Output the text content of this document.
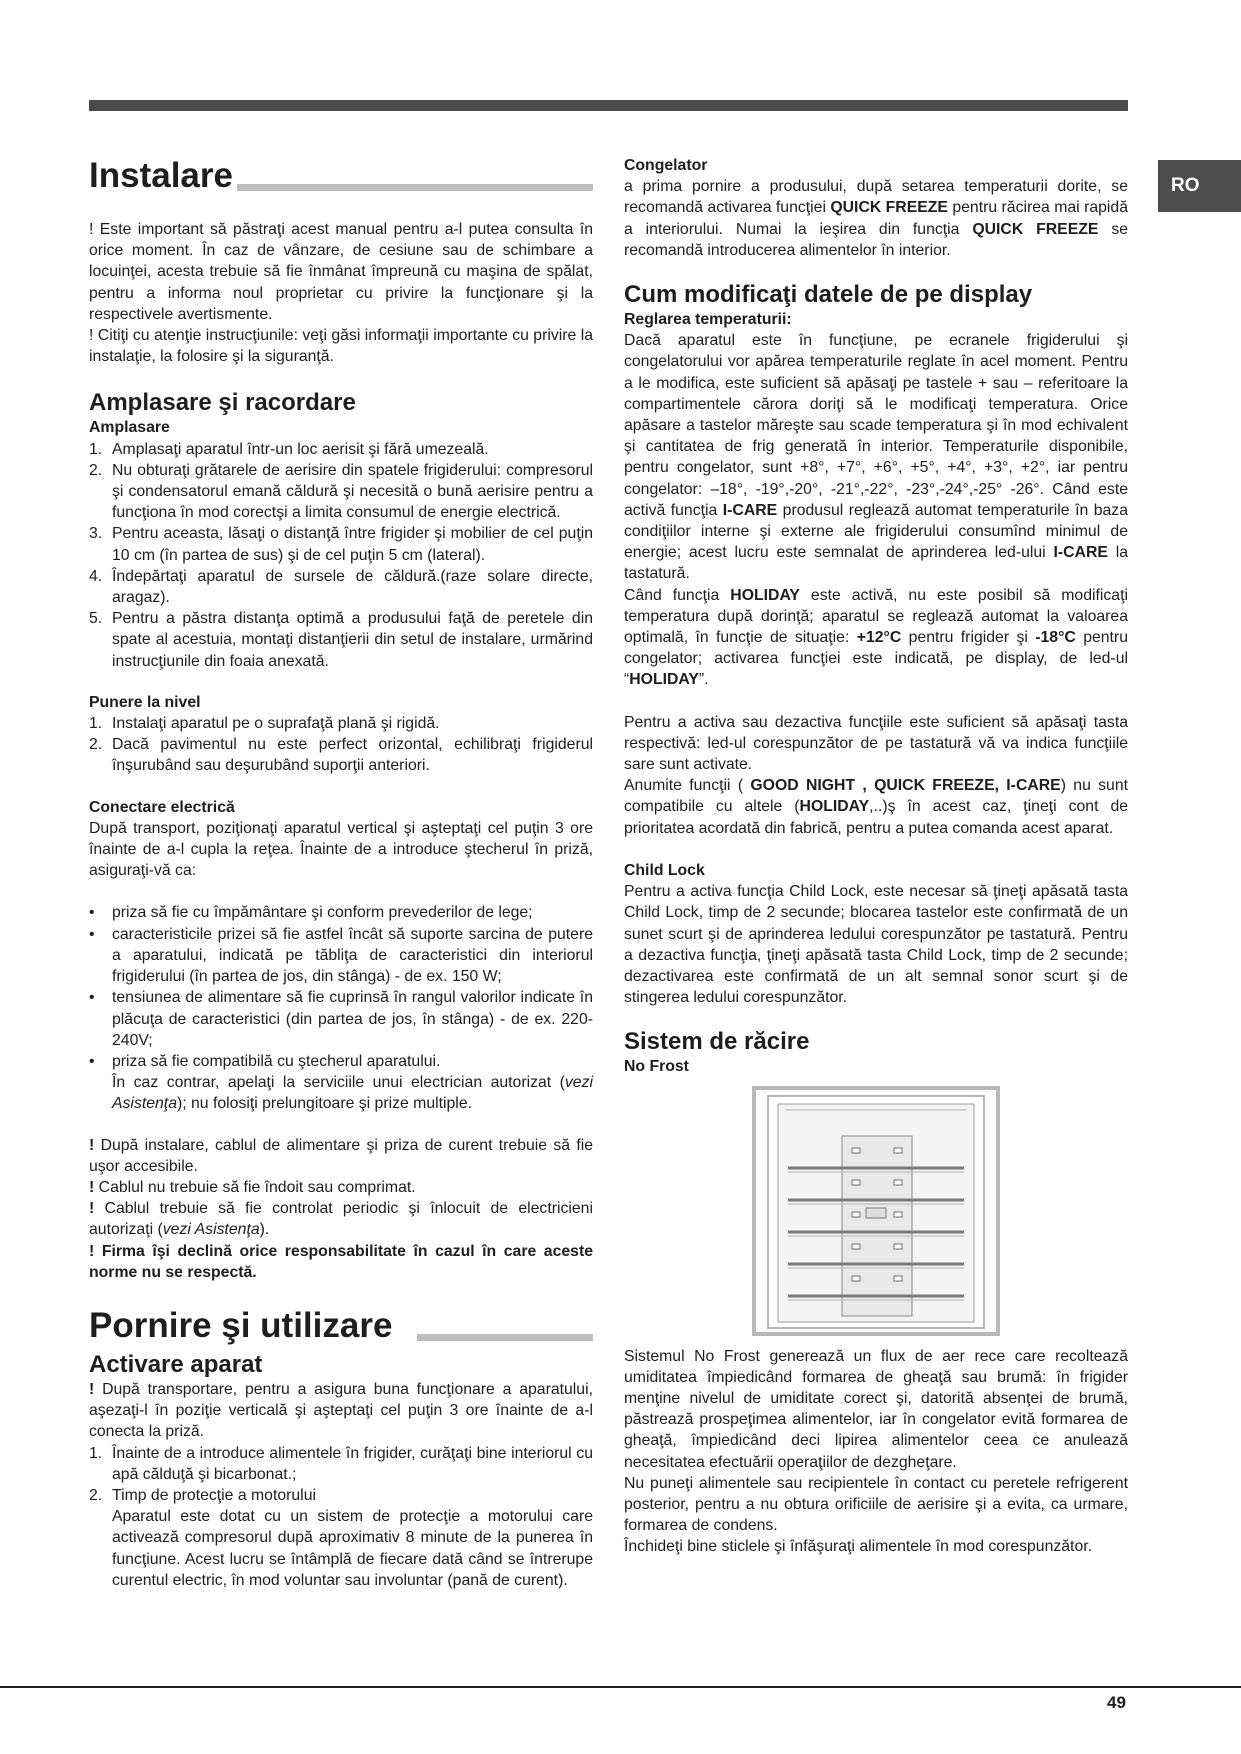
RO
Instalare

! Este important să păstraţi acest manual pentru a-l putea consulta în orice moment. În caz de vânzare, de cesiune sau de schimbare a locuinţei, acesta trebuie să fie înmânat împreună cu maşina de spălat, pentru a informa noul proprietar cu privire la funcţionare şi la respectivele avertismente.

! Citiţi cu atenţie instrucţiunile: veţi găsi informaţii importante cu privire la instalaţie, la folosire şi la siguranţă.

Amplasare şi racordare

Amplasare

1. Amplasaţi aparatul într-un loc aerisit şi fără umezeală.
2. Nu obturaţi grătarele de aerisire din spatele frigiderului: compresorul şi condensatorul emană căldură şi necesită o bună aerisire pentru a funcţiona în mod corectşi a limita consumul de energie electrică.
3. Pentru aceasta, lăsaţi o distanţă între frigider şi mobilier de cel puţin 10 cm (în partea de sus) şi de cel puţin 5 cm (lateral).
4. Îndepărtaţi aparatul de sursele de căldură.(raze solare directe, aragaz).
5. Pentru a păstra distanţa optimă a produsului faţă de peretele din spate al acestuia, montaţi distanţierii din setul de instalare, urmărind instrucţiunile din foaia anexată.

Punere la nivel

1. Instalaţi aparatul pe o suprafaţă plană şi rigidă.
2. Dacă pavimentul nu este perfect orizontal, echilibraţi frigiderul înşurubând sau deşurubând suporţii anteriori.

Conectare electrică

După transport, poziţionaţi aparatul vertical şi aşteptaţi cel puţin 3 ore înainte de a-l cupla la reţea. Înainte de a introduce ştecherul în priză, asiguraţi-vă ca:

• priza să fie cu împământare şi conform prevederilor de lege;
• caracteristicile prizei să fie astfel încât să suporte sarcina de putere a aparatului, indicată pe tăbliţa de caracteristici din interiorul frigiderului (în partea de jos, din stânga) - de ex. 150 W;
• tensiunea de alimentare să fie cuprinsă în rangul valorilor indicate în plăcuţa de caracteristici (din partea de jos, în stânga) - de ex. 220-240V;
• priza să fie compatibilă cu ştecherul aparatului.
În caz contrar, apelaţi la serviciile unui electrician autorizat (vezi Asistenţa); nu folosiţi prelungitoare şi prize multiple.

! După instalare, cablul de alimentare şi priza de curent trebuie să fie uşor accesibile.

! Cablul nu trebuie să fie îndoit sau comprimat.

! Cablul trebuie să fie controlat periodic şi înlocuit de electricieni autorizaţi (vezi Asistenţa).

! Firma îşi declină orice responsabilitate în cazul în care aceste norme nu se respectă.

Pornire şi utilizare
Activare aparat

! După transportare, pentru a asigura buna funcţionare a aparatului, aşezaţi-l în poziţie verticală şi aşteptaţi cel puţin 3 ore înainte de a-l conecta la priză.

1. Înainte de a introduce alimentele în frigider, curăţaţi bine interiorul cu apă călduţă şi bicarbonat.;
2. Timp de protecţie a motorului
Aparatul este dotat cu un sistem de protecţie a motorului care activează compresorul după aproximativ 8 minute de la punerea în funcţiune. Acest lucru se întâmplă de fiecare dată când se întrerupe curentul electric, în mod voluntar sau involuntar (pană de curent).

Congelator

a prima pornire a produsului, după setarea temperaturii dorite, se recomandă activarea funcţiei QUICK FREEZE pentru răcirea mai rapidă a interiorului. Numai la ieşirea din funcţia QUICK FREEZE se recomandă introducerea alimentelor în interior.

Cum modificaţi datele de pe display

Reglarea temperaturii:

Dacă aparatul este în funcţiune, pe ecranele frigiderului şi congelatorului vor apărea temperaturile reglate în acel moment. Pentru a le modifica, este suficient să apăsaţi pe tastele + sau – referitoare la compartimentele cărora doriţi să le modificaţi temperatura. Orice apăsare a tastelor măreşte sau scade temperatura şi în mod echivalent şi cantitatea de frig generată în interior. Temperaturile disponibile, pentru congelator, sunt +8°, +7°, +6°, +5°, +4°, +3°, +2°, iar pentru congelator: –18°, -19°,-20°, -21°,-22°, -23°,-24°,-25° -26°. Când este activă funcţia I-CARE produsul reglează automat temperaturile în baza condiţiilor interne şi externe ale frigiderului consumînd minimul de energie; acest lucru este semnalat de aprinderea led-ului I-CARE la tastatură.

Când funcţia HOLIDAY este activă, nu este posibil să modificaţi temperatura după dorinţă; aparatul se reglează automat la valoarea optimală, în funcţie de situaţie: +12°C pentru frigider şi -18°C pentru congelator; activarea funcţiei este indicată, pe display, de led-ul “HOLIDAY”.

Pentru a activa sau dezactiva funcţiile este suficient să apăsaţi tasta respectivă: led-ul corespunzător de pe tastatură vă va indica funcţiile sare sunt activate.

Anumite funcţii ( GOOD NIGHT , QUICK FREEZE, I-CARE) nu sunt compatibile cu altele (HOLIDAY,..)ş în acest caz, ţineţi cont de prioritatea acordată din fabrică, pentru a putea comanda acest aparat.

Child Lock

Pentru a activa funcţia Child Lock, este necesar să ţineţi apăsată tasta Child Lock, timp de 2 secunde; blocarea tastelor este confirmată de un sunet scurt şi de aprinderea ledului corespunzător pe tastatură. Pentru a dezactiva funcţia, ţineţi apăsată tasta Child Lock, timp de 2 secunde; dezactivarea este confirmată de un alt semnal sonor scurt şi de stingerea ledului corespunzător.

Sistem de răcire

No Frost

Sistemul No Frost generează un flux de aer rece care recoltează umiditatea împiedicând formarea de gheaţă sau brumă: în frigider menţine nivelul de umiditate corect şi, datorită absenţei de brumă, păstrează prospeţimea alimentelor, iar în congelator evită formarea de gheaţă, împiedicând deci lipirea alimentelor ceea ce anulează necesitatea efectuării operaţiilor de dezgheţare.

Nu puneţi alimentele sau recipientele în contact cu peretele refrigerent posterior, pentru a nu obtura orificiile de aerisire şi a evita, ca urmare, formarea de condens.

Închideţi bine sticlele şi înfăşuraţi alimentele în mod corespunzător.

49
